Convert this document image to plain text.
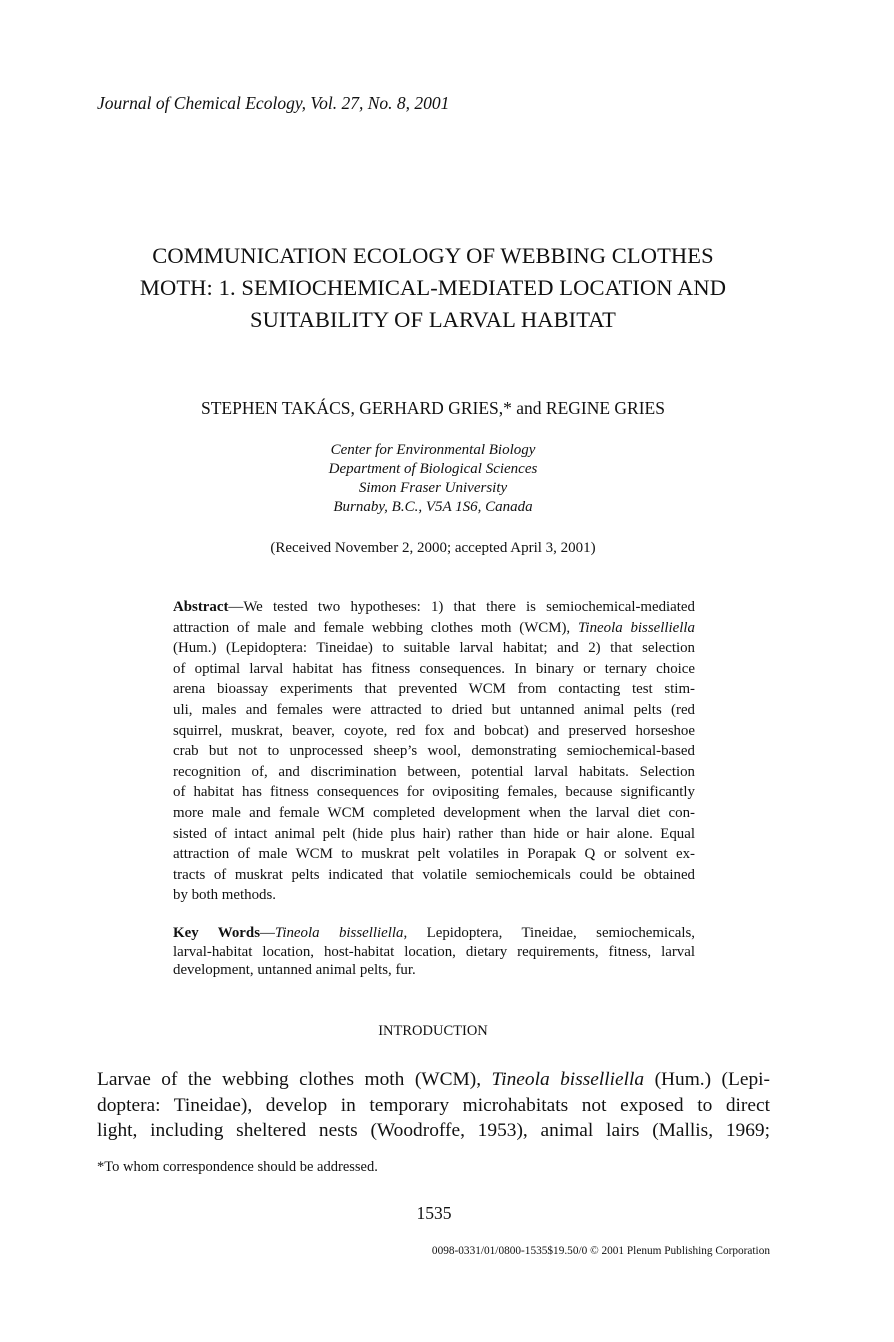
Journal of Chemical Ecology, Vol. 27, No. 8, 2001
COMMUNICATION ECOLOGY OF WEBBING CLOTHES
MOTH: 1. SEMIOCHEMICAL-MEDIATED LOCATION AND
SUITABILITY OF LARVAL HABITAT
STEPHEN TAKÁCS, GERHARD GRIES,* and REGINE GRIES
Center for Environmental Biology
Department of Biological Sciences
Simon Fraser University
Burnaby, B.C., V5A 1S6, Canada
(Received November 2, 2000; accepted April 3, 2001)
Abstract—We tested two hypotheses: 1) that there is semiochemical-mediated
attraction of male and female webbing clothes moth (WCM), Tineola bisselliella
(Hum.) (Lepidoptera: Tineidae) to suitable larval habitat; and 2) that selection
of optimal larval habitat has fitness consequences. In binary or ternary choice
arena bioassay experiments that prevented WCM from contacting test stim-
uli, males and females were attracted to dried but untanned animal pelts (red
squirrel, muskrat, beaver, coyote, red fox and bobcat) and preserved horseshoe
crab but not to unprocessed sheep’s wool, demonstrating semiochemical-based
recognition of, and discrimination between, potential larval habitats. Selection
of habitat has fitness consequences for ovipositing females, because significantly
more male and female WCM completed development when the larval diet con-
sisted of intact animal pelt (hide plus hair) rather than hide or hair alone. Equal
attraction of male WCM to muskrat pelt volatiles in Porapak Q or solvent ex-
tracts of muskrat pelts indicated that volatile semiochemicals could be obtained
by both methods.
Key Words—Tineola bisselliella, Lepidoptera, Tineidae, semiochemicals,
larval-habitat location, host-habitat location, dietary requirements, fitness, larval
development, untanned animal pelts, fur.
INTRODUCTION
Larvae of the webbing clothes moth (WCM), Tineola bisselliella (Hum.) (Lepi-
doptera: Tineidae), develop in temporary microhabitats not exposed to direct
light, including sheltered nests (Woodroffe, 1953), animal lairs (Mallis, 1969;
*To whom correspondence should be addressed.
1535
0098-0331/01/0800-1535$19.50/0 © 2001 Plenum Publishing Corporation
